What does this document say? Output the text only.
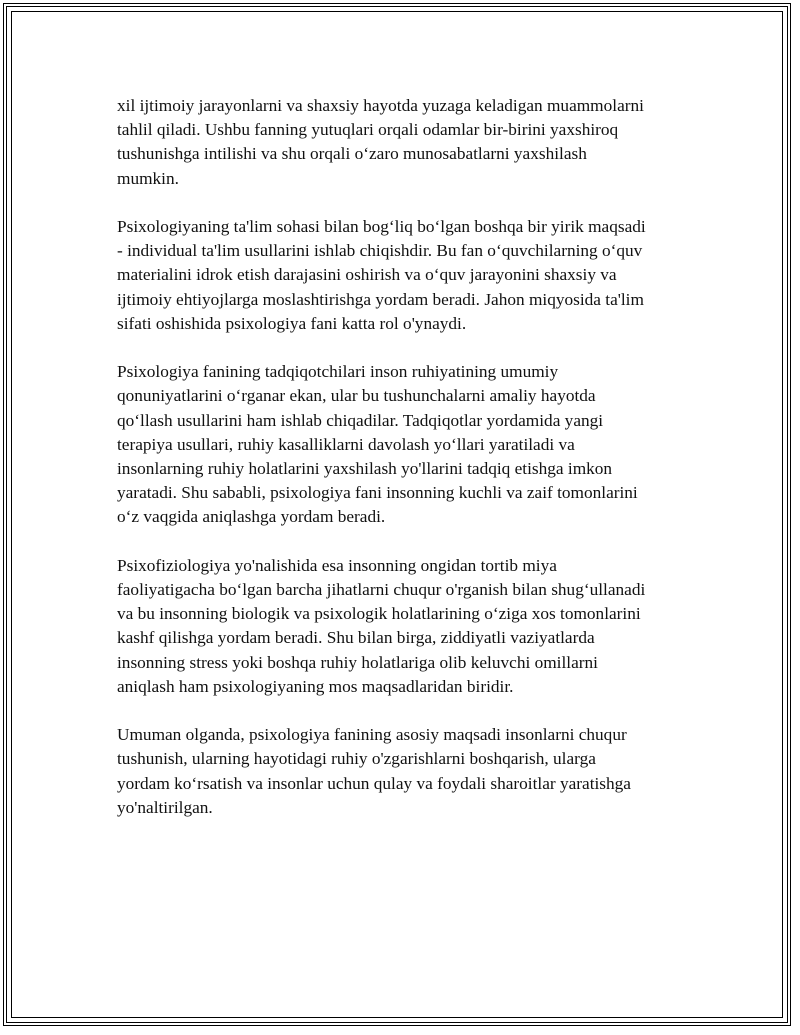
xil ijtimoiy jarayonlarni va shaxsiy hayotda yuzaga keladigan muammolarni
tahlil qiladi. Ushbu fanning yutuqlari orqali odamlar bir-birini yaxshiroq
tushunishga intilishi va shu orqali o‘zaro munosabatlarni yaxshilash
mumkin.

Psixologiyaning ta'lim sohasi bilan bog‘liq bo‘lgan boshqa bir yirik maqsadi
- individual ta'lim usullarini ishlab chiqishdir. Bu fan o‘quvchilarning o‘quv
materialini idrok etish darajasini oshirish va o‘quv jarayonini shaxsiy va
ijtimoiy ehtiyojlarga moslashtirishga yordam beradi. Jahon miqyosida ta'lim
sifati oshishida psixologiya fani katta rol o'ynaydi.

Psixologiya fanining tadqiqotchilari inson ruhiyatining umumiy
qonuniyatlarini o‘rganar ekan, ular bu tushunchalarni amaliy hayotda
qo‘llash usullarini ham ishlab chiqadilar. Tadqiqotlar yordamida yangi
terapiya usullari, ruhiy kasalliklarni davolash yo‘llari yaratiladi va
insonlarning ruhiy holatlarini yaxshilash yo'llarini tadqiq etishga imkon
yaratadi. Shu sababli, psixologiya fani insonning kuchli va zaif tomonlarini
o‘z vaqgida aniqlashga yordam beradi.

Psixofiziologiya yo'nalishida esa insonning ongidan tortib miya
faoliyatigacha bo‘lgan barcha jihatlarni chuqur o'rganish bilan shug‘ullanadi
va bu insonning biologik va psixologik holatlarining o‘ziga xos tomonlarini
kashf qilishga yordam beradi. Shu bilan birga, ziddiyatli vaziyatlarda
insonning stress yoki boshqa ruhiy holatlariga olib keluvchi omillarni
aniqlash ham psixologiyaning mos maqsadlaridan biridir.

Umuman olganda, psixologiya fanining asosiy maqsadi insonlarni chuqur
tushunish, ularning hayotidagi ruhiy o'zgarishlarni boshqarish, ularga
yordam ko‘rsatish va insonlar uchun qulay va foydali sharoitlar yaratishga
yo'naltirilgan.
